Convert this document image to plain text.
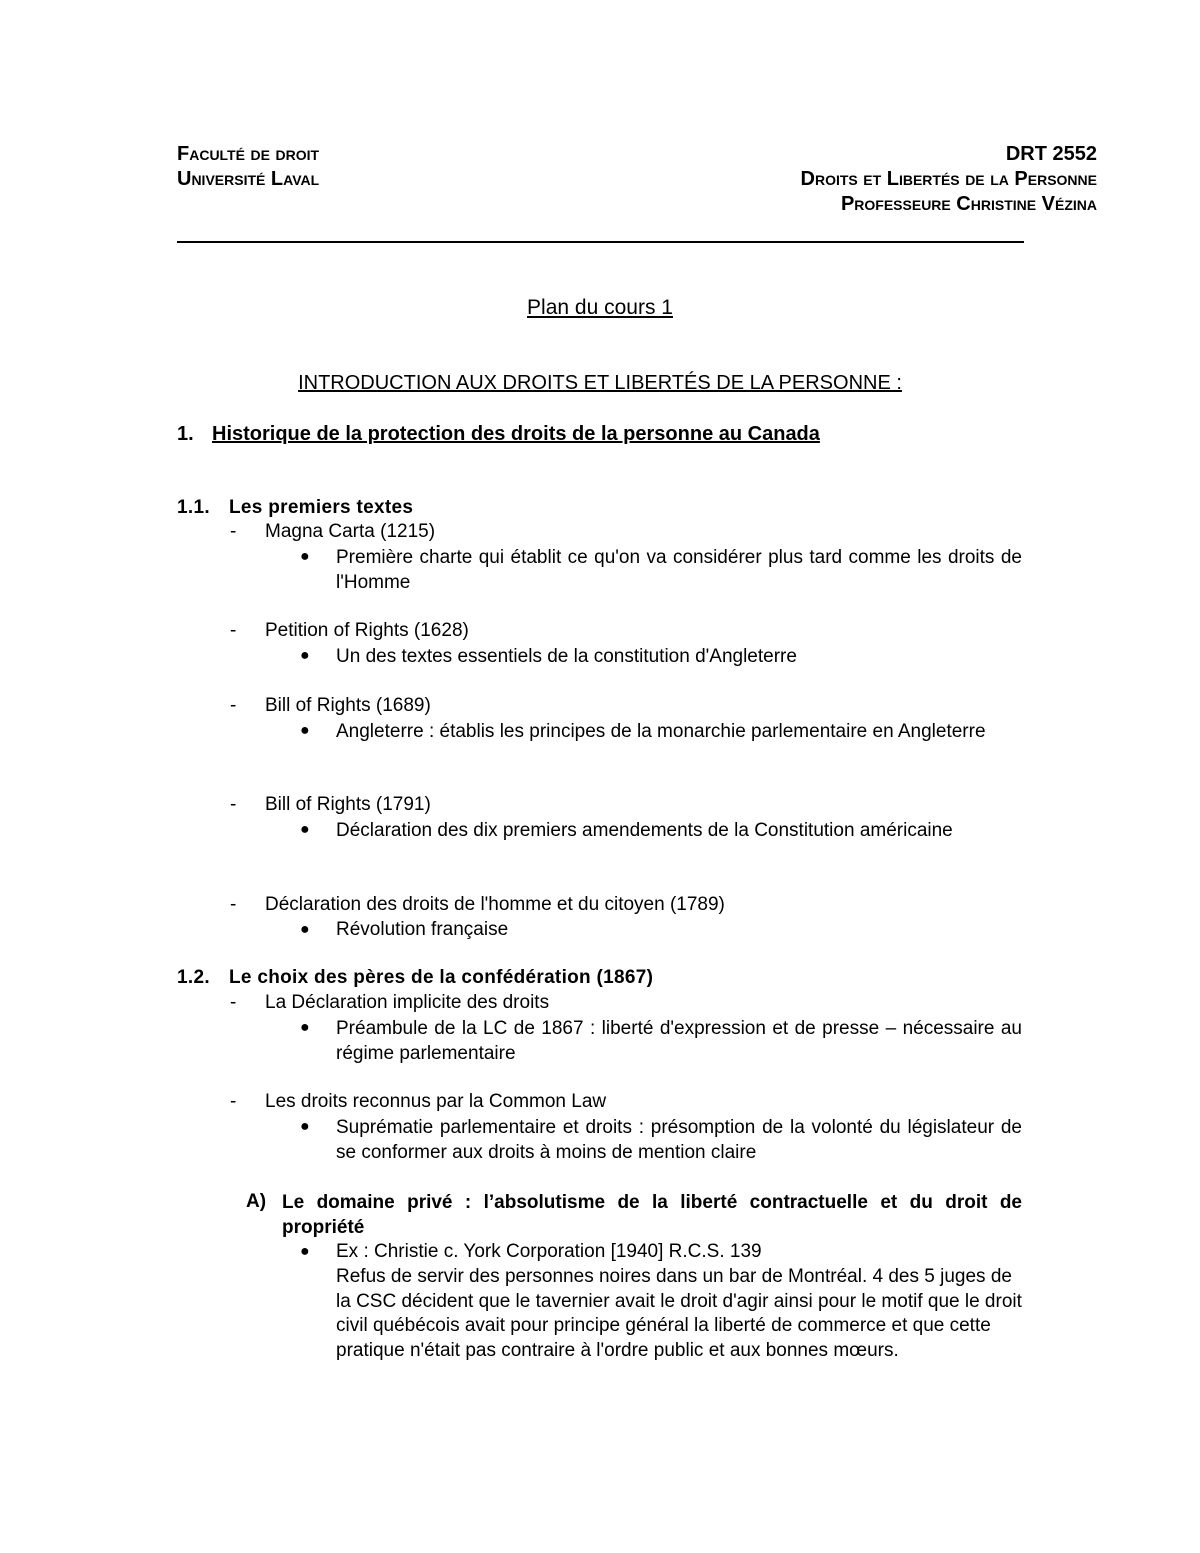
Faculté de droit
Université Laval
DRT 2552
Droits et Libertés de la Personne
Professeure Christine Vézina
Plan du cours 1
INTRODUCTION AUX DROITS ET LIBERTÉS DE LA PERSONNE :
1. Historique de la protection des droits de la personne au Canada
1.1. Les premiers textes
- Magna Carta (1215)
● Première charte qui établit ce qu'on va considérer plus tard comme les droits de l'Homme
- Petition of Rights (1628)
● Un des textes essentiels de la constitution d'Angleterre
- Bill of Rights (1689)
● Angleterre : établis les principes de la monarchie parlementaire en Angleterre
- Bill of Rights (1791)
● Déclaration des dix premiers amendements de la Constitution américaine
- Déclaration des droits de l'homme et du citoyen (1789)
● Révolution française
1.2. Le choix des pères de la confédération (1867)
- La Déclaration implicite des droits
● Préambule de la LC de 1867 : liberté d'expression et de presse – nécessaire au régime parlementaire
- Les droits reconnus par la Common Law
● Suprématie parlementaire et droits : présomption de la volonté du législateur de se conformer aux droits à moins de mention claire
A) Le domaine privé : l’absolutisme de la liberté contractuelle et du droit de propriété
● Ex : Christie c. York Corporation [1940] R.C.S. 139
Refus de servir des personnes noires dans un bar de Montréal. 4 des 5 juges de la CSC décident que le tavernier avait le droit d'agir ainsi pour le motif que le droit civil québécois avait pour principe général la liberté de commerce et que cette pratique n'était pas contraire à l'ordre public et aux bonnes mœurs.
